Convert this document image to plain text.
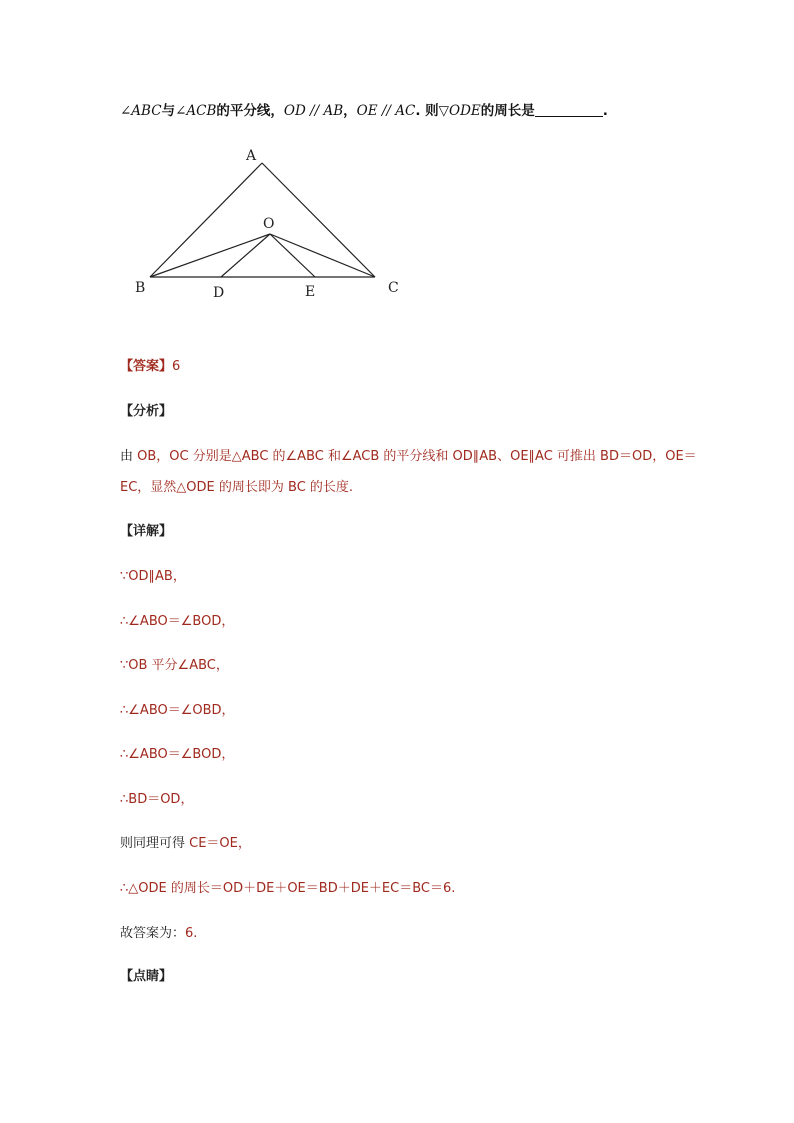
∠ABC与∠ACB的平分线，OD // AB，OE // AC. 则▽ODE的周长是	.
A
O
B	D	E	C
【答案】6
【分析】
由 OB，OC 分别是△ABC 的∠ABC 和∠ACB 的平分线和 OD∥AB、OE∥AC 可推出 BD＝OD，OE＝
EC，显然△ODE 的周长即为 BC 的长度.
【详解】
∵OD∥AB，
∴∠ABO＝∠BOD，
∵OB 平分∠ABC，
∴∠ABO＝∠OBD，
∴∠ABO＝∠BOD，
∴BD＝OD，
则同理可得 CE＝OE，
∴△ODE 的周长＝OD＋DE＋OE＝BD＋DE＋EC＝BC＝6.
故答案为：6.
【点睛】
